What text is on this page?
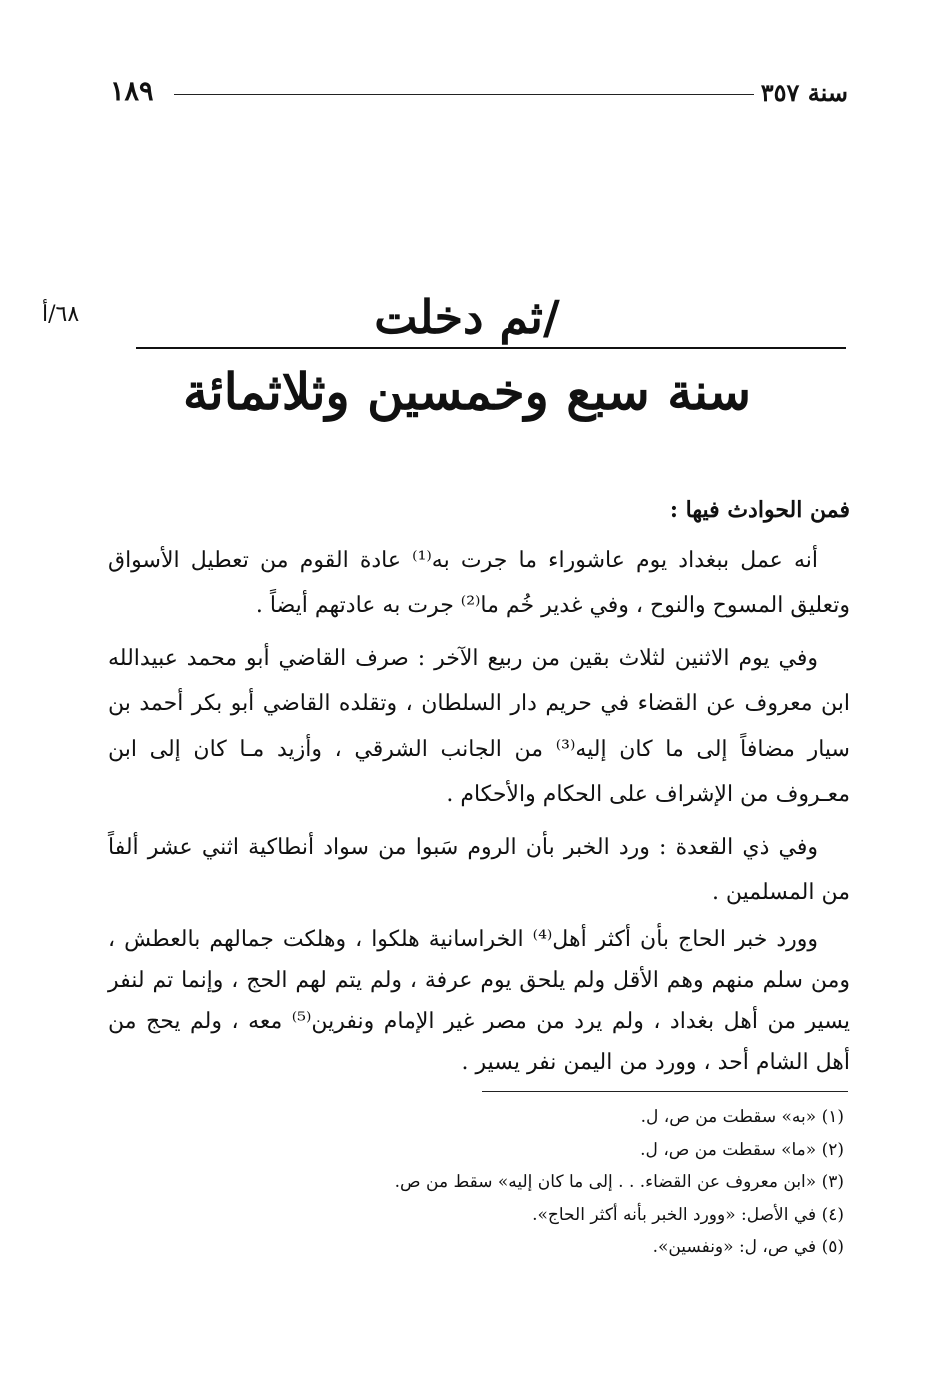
سنة ٣٥٧
١٨٩
٦٨/أ	/ثم دخلت
سنة سبع وخمسين وثلاثمائة

فمن الحوادث فيها :

أنه عمل ببغداد يوم عاشوراء ما جرت به⁽¹⁾ عادة القوم من تعطيل الأسواق وتعليق المسوح والنوح ، وفي غدير خُم ما⁽²⁾ جرت به عادتهم أيضاً .

وفي يوم الاثنين لثلاث بقين من ربيع الآخر : صرف القاضي أبو محمد عبيدالله ابن معروف عن القضاء في حريم دار السلطان ، وتقلده القاضي أبو بكر أحمد بن سيار مضافاً إلى ما كان إليه⁽³⁾ من الجانب الشرقي ، وأزيد مـا كان إلى ابن معـروف من الإشراف على الحكام والأحكام .

وفي ذي القعدة : ورد الخبر بأن الروم سَبوا من سواد أنطاكية اثني عشر ألفاً من المسلمين .

وورد خبر الحاج بأن أكثر أهل⁽⁴⁾ الخراسانية هلكوا ، وهلكت جمالهم بالعطش ، ومن سلم منهم وهم الأقل ولم يلحق يوم عرفة ، ولم يتم لهم الحج ، وإنما تم لنفر يسير من أهل بغداد ، ولم يرد من مصر غير الإمام ونفرين⁽⁵⁾ معه ، ولم يحج من أهل الشام أحد ، وورد من اليمن نفر يسير .

(١) «به» سقطت من ص، ل.
(٢) «ما» سقطت من ص، ل.
(٣) «ابن معروف عن القضاء. . . إلى ما كان إليه» سقط من ص.
(٤) في الأصل: «وورد الخبر بأنه أكثر الحاج».
(٥) في ص، ل: «ونفسين».
